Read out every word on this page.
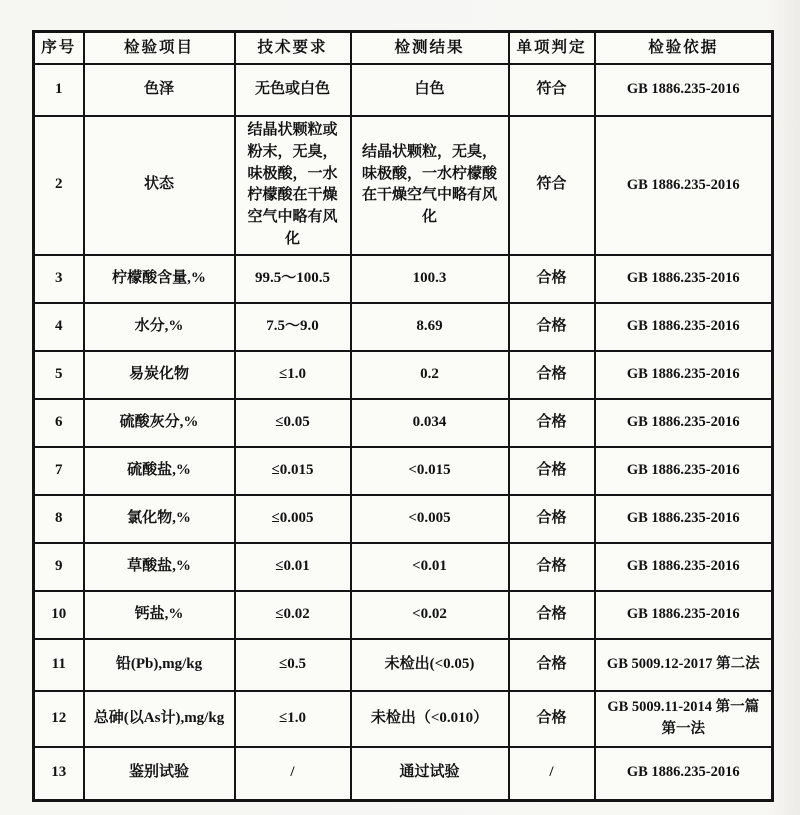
序号	检验项目	技术要求	检测结果	单项判定	检验依据
1	色泽	无色或白色	白色	符合	GB 1886.235-2016
2	状态	结晶状颗粒或粉末，无臭，味极酸，一水柠檬酸在干燥空气中略有风化	结晶状颗粒，无臭，味极酸，一水柠檬酸在干燥空气中略有风化	符合	GB 1886.235-2016
3	柠檬酸含量,%	99.5～100.5	100.3	合格	GB 1886.235-2016
4	水分,%	7.5～9.0	8.69	合格	GB 1886.235-2016
5	易炭化物	≤1.0	0.2	合格	GB 1886.235-2016
6	硫酸灰分,%	≤0.05	0.034	合格	GB 1886.235-2016
7	硫酸盐,%	≤0.015	<0.015	合格	GB 1886.235-2016
8	氯化物,%	≤0.005	<0.005	合格	GB 1886.235-2016
9	草酸盐,%	≤0.01	<0.01	合格	GB 1886.235-2016
10	钙盐,%	≤0.02	<0.02	合格	GB 1886.235-2016
11	铅(Pb),mg/kg	≤0.5	未检出(<0.05)	合格	GB 5009.12-2017 第二法
12	总砷(以As计),mg/kg	≤1.0	未检出（<0.010）	合格	GB 5009.11-2014 第一篇第一法
13	鉴别试验	/	通过试验	/	GB 1886.235-2016
